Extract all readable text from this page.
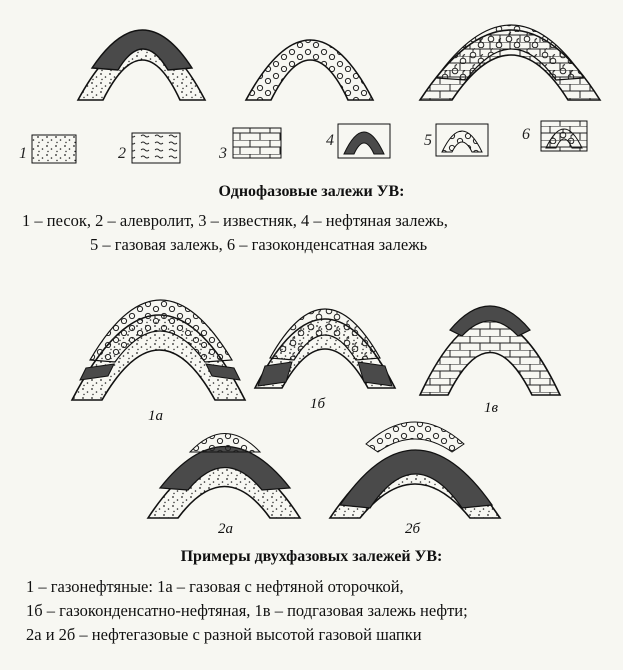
1	2	3
4	5	6
1а
1б	1в
2а	2б
Однофазовые залежи УВ:
1 – песок, 2 – алевролит, 3 – известняк, 4 – нефтяная залежь,
5 – газовая залежь, 6 – газоконденсатная залежь
Примеры двухфазовых залежей УВ:
1 – газонефтяные: 1а – газовая с нефтяной оторочкой,
1б – газоконденсатно-нефтяная, 1в – подгазовая залежь нефти;
2а и 2б – нефтегазовые с разной высотой газовой шапки
